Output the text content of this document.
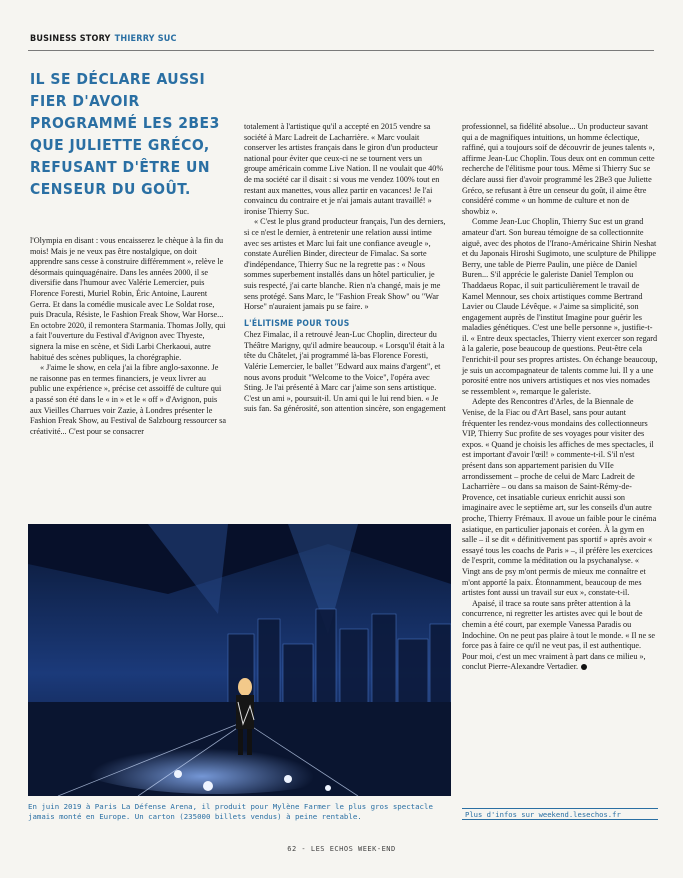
BUSINESS STORY THIERRY SUC
IL SE DÉCLARE AUSSI FIER D'AVOIR PROGRAMMÉ LES 2BE3 QUE JULIETTE GRÉCO, REFUSANT D'ÊTRE UN CENSEUR DU GOÛT.

l'Olympia en disant : vous encaisserez le chèque à la fin du mois! Mais je ne veux pas être nostalgique, on doit apprendre sans cesse à construire différemment », relève le désormais quinquagénaire. Dans les années 2000, il se diversifie dans l'humour avec Valérie Lemercier, puis Florence Foresti, Muriel Robin, Éric Antoine, Laurent Gerra. Et dans la comédie musicale avec Le Soldat rose, puis Dracula, Résiste, le Fashion Freak Show, War Horse... En octobre 2020, il remontera Starmania. Thomas Jolly, qui a fait l'ouverture du Festival d'Avignon avec Thyeste, signera la mise en scène, et Sidi Larbi Cherkaoui, autre habitué des scènes publiques, la chorégraphie.

« J'aime le show, en cela j'ai la fibre anglo-saxonne. Je ne raisonne pas en termes financiers, je veux livrer au public une expérience », précise cet assoiffé de culture qui a passé son été dans le « in » et le « off » d'Avignon, puis aux Vieilles Charrues voir Zazie, à Londres présenter le Fashion Freak Show, au Festival de Salzbourg ressourcer sa créativité... C'est pour se consacrer

totalement à l'artistique qu'il a accepté en 2015 vendre sa société à Marc Ladreit de Lacharrière. « Marc voulait conserver les artistes français dans le giron d'un producteur national pour éviter que ceux-ci ne se tournent vers un groupe américain comme Live Nation. Il ne voulait que 40% de ma société car il disait : si vous me vendez 100% tout en restant aux manettes, vous allez partir en vacances! Je l'ai convaincu du contraire et je n'ai jamais autant travaillé! » ironise Thierry Suc.

« C'est le plus grand producteur français, l'un des derniers, si ce n'est le dernier, à entretenir une relation aussi intime avec ses artistes et Marc lui fait une confiance aveugle », constate Aurélien Binder, directeur de Fimalac. Sa sorte d'indépendance, Thierry Suc ne la regrette pas : « Nous sommes superbement installés dans un hôtel particulier, je suis respecté, j'ai carte blanche. Rien n'a changé, mais je me sens protégé. Sans Marc, le "Fashion Freak Show" ou "War Horse" n'auraient jamais pu se faire. »

L'ÉLITISME POUR TOUS

Chez Fimalac, il a retrouvé Jean-Luc Choplin, directeur du Théâtre Marigny, qu'il admire beaucoup. « Lorsqu'il était à la tête du Châtelet, j'ai programmé là-bas Florence Foresti, Valérie Lemercier, le ballet "Edward aux mains d'argent", et nous avons produit "Welcome to the Voice", l'opéra avec Sting. Je l'ai présenté à Marc car j'aime son sens artistique. C'est un ami », poursuit-il. Un ami qui le lui rend bien. « Je suis fan. Sa générosité, son attention sincère, son engagement

professionnel, sa fidélité absolue... Un producteur savant qui a de magnifiques intuitions, un homme éclectique, raffiné, qui a toujours soif de découvrir de jeunes talents », affirme Jean-Luc Choplin. Tous deux ont en commun cette recherche de l'élitisme pour tous. Même si Thierry Suc se déclare aussi fier d'avoir programmé les 2Be3 que Juliette Gréco, se refusant à être un censeur du goût, il aime être considéré comme « un homme de culture et non de showbiz ».

Comme Jean-Luc Choplin, Thierry Suc est un grand amateur d'art. Son bureau témoigne de sa collectionnite aiguë, avec des photos de l'Irano-Américaine Shirin Neshat et du Japonais Hiroshi Sugimoto, une sculpture de Philippe Berry, une table de Pierre Paulin, une pièce de Daniel Buren... S'il apprécie le galeriste Daniel Templon ou Thaddaeus Ropac, il suit particulièrement le travail de Kamel Mennour, ses choix artistiques comme Bertrand Lavier ou Claude Lévêque. « J'aime sa simplicité, son engagement auprès de l'institut Imagine pour guérir les maladies génétiques. C'est une belle personne », justifie-t-il. « Entre deux spectacles, Thierry vient exercer son regard à la galerie, pose beaucoup de questions. Peut-être cela l'enrichit-il pour ses propres artistes. On échange beaucoup, je suis un accompagnateur de talents comme lui. Il y a une porosité entre nos univers artistiques et nos vies nomades se ressemblent », remarque le galeriste.

Adepte des Rencontres d'Arles, de la Biennale de Venise, de la Fiac ou d'Art Basel, sans pour autant fréquenter les rendez-vous mondains des collectionneurs VIP, Thierry Suc profite de ses voyages pour visiter des expos. « Quand je choisis les affiches de mes spectacles, il est important d'avoir l'œil! » commente-t-il. S'il n'est présent dans son appartement parisien du VIIe arrondissement – proche de celui de Marc Ladreit de Lacharrière – ou dans sa maison de Saint-Rémy-de-Provence, cet insatiable curieux enrichit aussi son imaginaire avec le septième art, sur les conseils d'un autre proche, Thierry Frémaux. Il avoue un faible pour le cinéma asiatique, en particulier japonais et coréen. À la gym en salle – il se dit « définitivement pas sportif » après avoir « essayé tous les coachs de Paris » –, il préfère les exercices de l'esprit, comme la méditation ou la psychanalyse. « Vingt ans de psy m'ont permis de mieux me connaître et m'ont apporté la paix. Étonnamment, beaucoup de mes artistes font aussi un travail sur eux », constate-t-il.

Apaisé, il trace sa route sans prêter attention à la concurrence, ni regretter les artistes avec qui le bout de chemin a été court, par exemple Vanessa Paradis ou Indochine. On ne peut pas plaire à tout le monde. « Il ne se force pas à faire ce qu'il ne veut pas, il est authentique. Pour moi, c'est un mec vraiment à part dans ce milieu », conclut Pierre-Alexandre Vertadier.

En juin 2019 à Paris La Défense Arena, il produit pour Mylène Farmer le plus gros spectacle jamais monté en Europe. Un carton (235000 billets vendus) à peine rentable.	Plus d'infos sur weekend.lesechos.fr
62 - LES ECHOS WEEK-END
